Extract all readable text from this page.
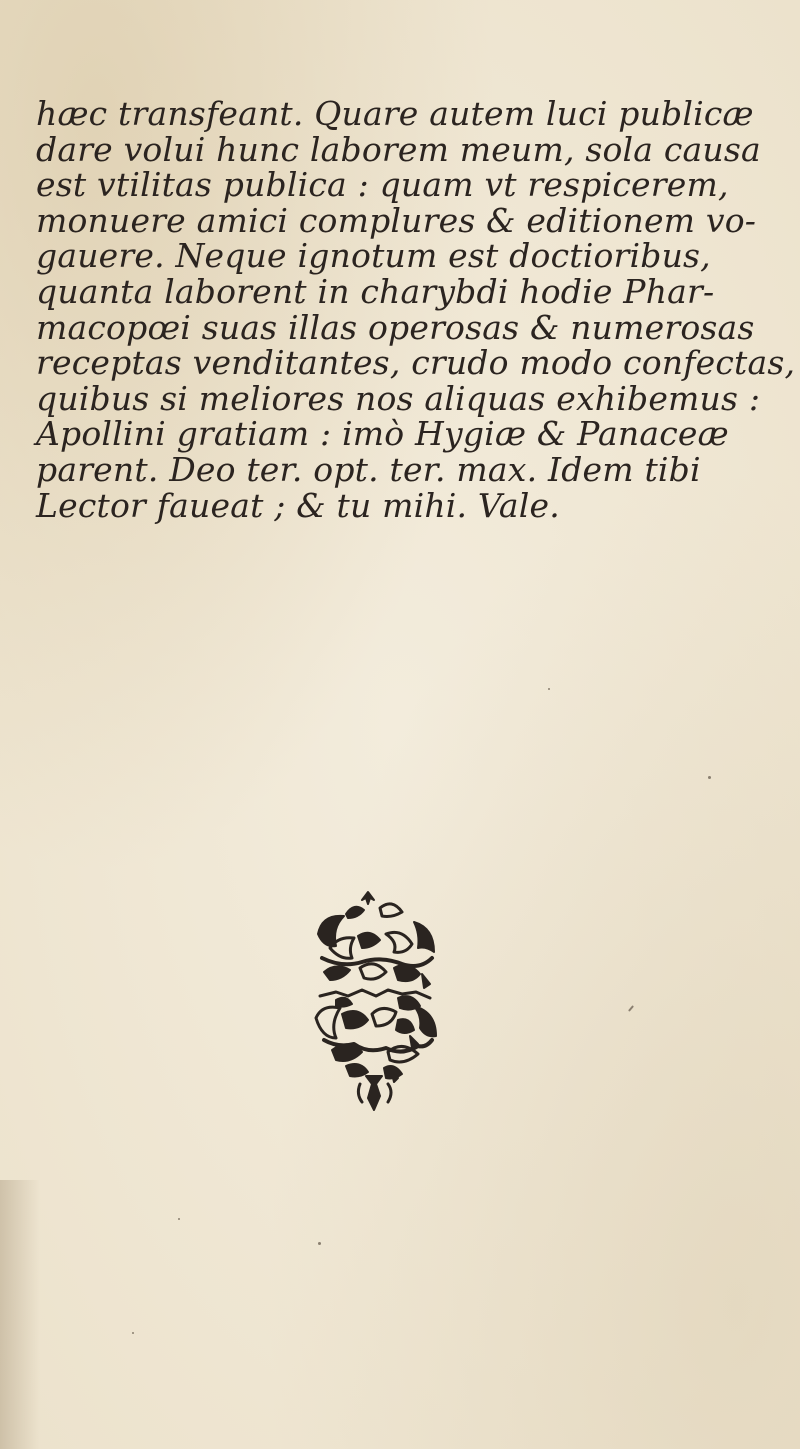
hæc transfeant. Quare autem luci publicæ
dare volui hunc laborem meum, sola causa
est vtilitas publica : quam vt respicerem,
monuere amici complures & editionem vo-
gauere. Neque ignotum est doctioribus,
quanta laborent in charybdi hodie Phar-
macopœi suas illas operosas & numerosas
receptas venditantes, crudo modo confectas,
quibus si meliores nos aliquas exhibemus :
Apollini gratiam : imò Hygiæ & Panaceæ
parent. Deo ter. opt. ter. max. Idem tibi
Lector faueat ; & tu mihi. Vale.
